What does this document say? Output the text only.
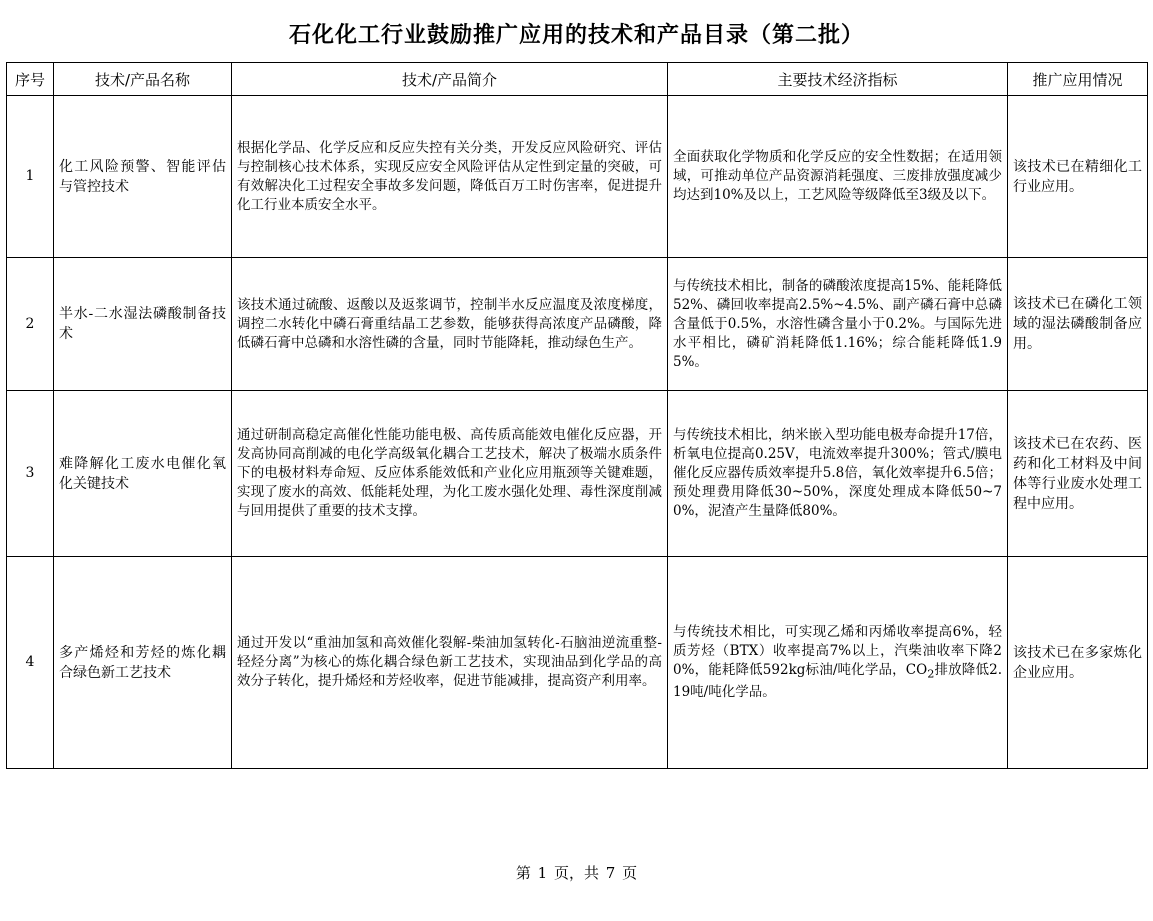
石化化工行业鼓励推广应用的技术和产品目录（第二批）
序号	技术/产品名称	技术/产品简介	主要技术经济指标	推广应用情况
1	化工风险预警、智能评估与管控技术	根据化学品、化学反应和反应失控有关分类，开发反应风险研究、评估与控制核心技术体系，实现反应安全风险评估从定性到定量的突破，可有效解决化工过程安全事故多发问题，降低百万工时伤害率，促进提升化工行业本质安全水平。	全面获取化学物质和化学反应的安全性数据；在适用领域，可推动单位产品资源消耗强度、三废排放强度减少均达到10%及以上，工艺风险等级降低至3级及以下。	该技术已在精细化工行业应用。
2	半水-二水湿法磷酸制备技术	该技术通过硫酸、返酸以及返浆调节，控制半水反应温度及浓度梯度，调控二水转化中磷石膏重结晶工艺参数，能够获得高浓度产品磷酸，降低磷石膏中总磷和水溶性磷的含量，同时节能降耗，推动绿色生产。	与传统技术相比，制备的磷酸浓度提高15%、能耗降低52%、磷回收率提高2.5%~4.5%、副产磷石膏中总磷含量低于0.5%，水溶性磷含量小于0.2%。与国际先进水平相比，磷矿消耗降低1.16%；综合能耗降低1.95%。	该技术已在磷化工领域的湿法磷酸制备应用。
3	难降解化工废水电催化氧化关键技术	通过研制高稳定高催化性能功能电极、高传质高能效电催化反应器，开发高协同高削减的电化学高级氧化耦合工艺技术，解决了极端水质条件下的电极材料寿命短、反应体系能效低和产业化应用瓶颈等关键难题，实现了废水的高效、低能耗处理，为化工废水强化处理、毒性深度削减与回用提供了重要的技术支撑。	与传统技术相比，纳米嵌入型功能电极寿命提升17倍，析氧电位提高0.25V，电流效率提升300%；管式/膜电催化反应器传质效率提升5.8倍，氧化效率提升6.5倍；预处理费用降低30~50%，深度处理成本降低50~70%，泥渣产生量降低80%。	该技术已在农药、医药和化工材料及中间体等行业废水处理工程中应用。
4	多产烯烃和芳烃的炼化耦合绿色新工艺技术	通过开发以“重油加氢和高效催化裂解-柴油加氢转化-石脑油逆流重整-轻烃分离”为核心的炼化耦合绿色新工艺技术，实现油品到化学品的高效分子转化，提升烯烃和芳烃收率，促进节能减排，提高资产利用率。	与传统技术相比，可实现乙烯和丙烯收率提高6%，轻质芳烃（BTX）收率提高7%以上，汽柴油收率下降20%，能耗降低592kg标油/吨化学品，$CO_2$排放降低2.19吨/吨化学品。	该技术已在多家炼化企业应用。
第 1 页，共 7 页
